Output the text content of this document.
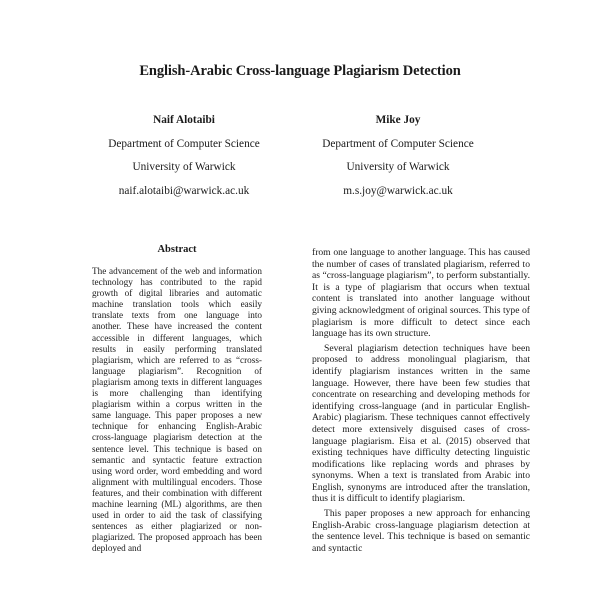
English-Arabic Cross-language Plagiarism Detection
Naif Alotaibi
Department of Computer Science
University of Warwick
naif.alotaibi@warwick.ac.uk
Mike Joy
Department of Computer Science
University of Warwick
m.s.joy@warwick.ac.uk
Abstract
The advancement of the web and information technology has contributed to the rapid growth of digital libraries and automatic machine translation tools which easily translate texts from one language into another. These have increased the content accessible in different languages, which results in easily performing translated plagiarism, which are referred to as “cross-language plagiarism”. Recognition of plagiarism among texts in different languages is more challenging than identifying plagiarism within a corpus written in the same language. This paper proposes a new technique for enhancing English-Arabic cross-language plagiarism detection at the sentence level. This technique is based on semantic and syntactic feature extraction using word order, word embedding and word alignment with multilingual encoders. Those features, and their combination with different machine learning (ML) algorithms, are then used in order to aid the task of classifying sentences as either plagiarized or non-plagiarized. The proposed approach has been deployed and

from one language to another language. This has caused the number of cases of translated plagiarism, referred to as “cross-language plagiarism”, to perform substantially. It is a type of plagiarism that occurs when textual content is translated into another language without giving acknowledgment of original sources. This type of plagiarism is more difficult to detect since each language has its own structure.

Several plagiarism detection techniques have been proposed to address monolingual plagiarism, that identify plagiarism instances written in the same language. However, there have been few studies that concentrate on researching and developing methods for identifying cross-language (and in particular English-Arabic) plagiarism. These techniques cannot effectively detect more extensively disguised cases of cross-language plagiarism. Eisa et al. (2015) observed that existing techniques have difficulty detecting linguistic modifications like replacing words and phrases by synonyms. When a text is translated from Arabic into English, synonyms are introduced after the translation, thus it is difficult to identify plagiarism.

This paper proposes a new approach for enhancing English-Arabic cross-language plagiarism detection at the sentence level. This technique is based on semantic and syntactic
